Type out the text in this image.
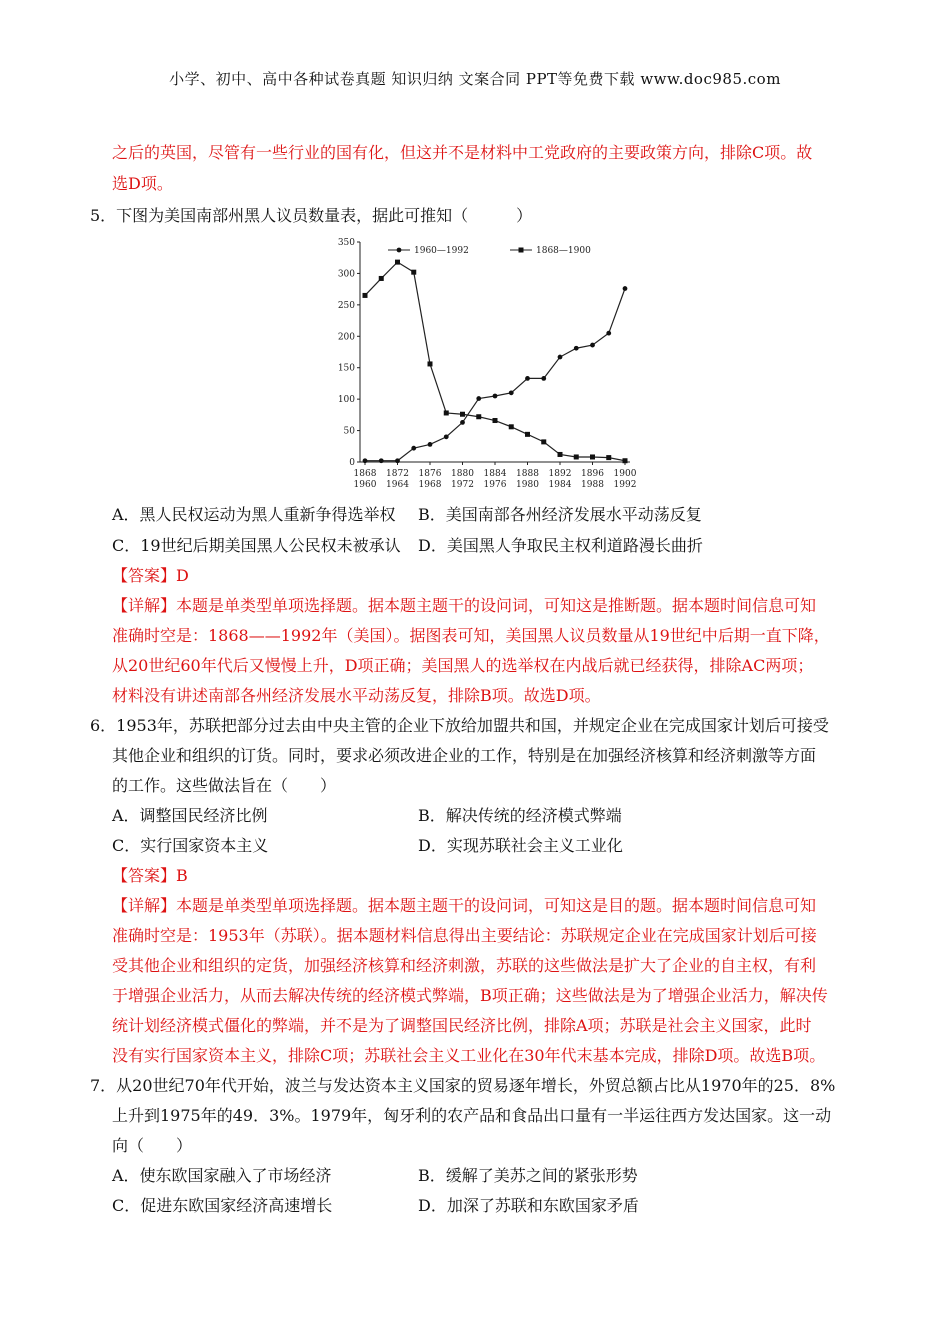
小学、初中、高中各种试卷真题 知识归纳 文案合同 PPT等免费下载 www.doc985.com
之后的英国，尽管有一些行业的国有化，但这并不是材料中工党政府的主要政策方向，排除C项。故
选D项。
5．下图为美国南部州黑人议员数量表，据此可推知（　　　）
0
50
100
150
200
250
300
350
1868
1960
1872
1964
1876
1968
1880
1972
1884
1976
1888
1980
1892
1984
1896
1988
1900
1992
1960—1992	1868—1900
A．黑人民权运动为黑人重新争得选举权 B．美国南部各州经济发展水平动荡反复
C．19世纪后期美国黑人公民权未被承认 D．美国黑人争取民主权利道路漫长曲折
【答案】D
【详解】本题是单类型单项选择题。据本题主题干的设问词，可知这是推断题。据本题时间信息可知
准确时空是：1868——1992年（美国）。据图表可知，美国黑人议员数量从19世纪中后期一直下降，
从20世纪60年代后又慢慢上升，D项正确；美国黑人的选举权在内战后就已经获得，排除AC两项；
材料没有讲述南部各州经济发展水平动荡反复，排除B项。故选D项。
6．1953年，苏联把部分过去由中央主管的企业下放给加盟共和国，并规定企业在完成国家计划后可接受
其他企业和组织的订货。同时，要求必须改进企业的工作，特别是在加强经济核算和经济刺激等方面
的工作。这些做法旨在（　　）
A．调整国民经济比例	B．解决传统的经济模式弊端
C．实行国家资本主义	D．实现苏联社会主义工业化
【答案】B
【详解】本题是单类型单项选择题。据本题主题干的设问词，可知这是目的题。据本题时间信息可知
准确时空是：1953年（苏联）。据本题材料信息得出主要结论：苏联规定企业在完成国家计划后可接
受其他企业和组织的定货，加强经济核算和经济刺激，苏联的这些做法是扩大了企业的自主权，有利
于增强企业活力，从而去解决传统的经济模式弊端，B项正确；这些做法是为了增强企业活力，解决传
统计划经济模式僵化的弊端，并不是为了调整国民经济比例，排除A项；苏联是社会主义国家，此时
没有实行国家资本主义，排除C项；苏联社会主义工业化在30年代末基本完成，排除D项。故选B项。
7．从20世纪70年代开始，波兰与发达资本主义国家的贸易逐年增长，外贸总额占比从1970年的25．8%
上升到1975年的49．3%。1979年，匈牙利的农产品和食品出口量有一半运往西方发达国家。这一动
向（　　）
A．使东欧国家融入了市场经济	B．缓解了美苏之间的紧张形势
C．促进东欧国家经济高速增长	D．加深了苏联和东欧国家矛盾
